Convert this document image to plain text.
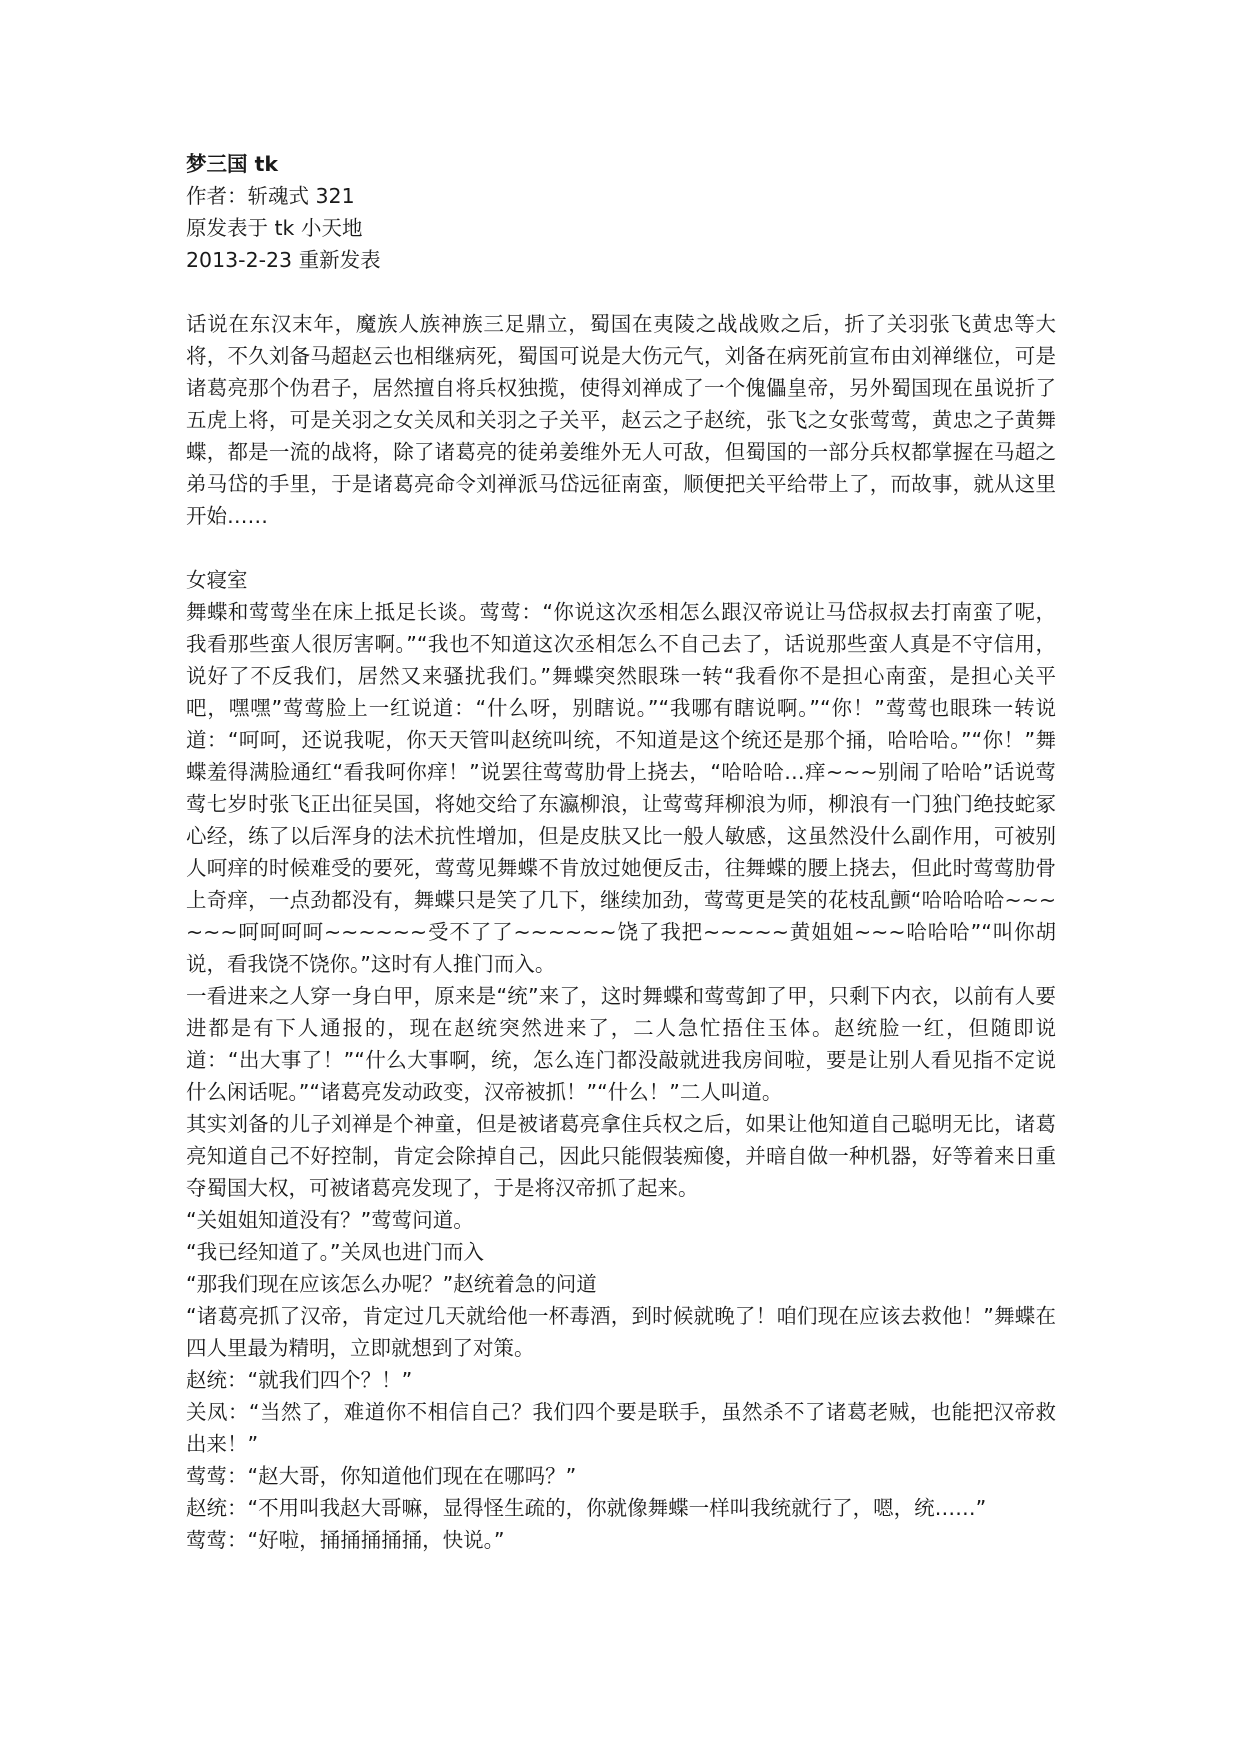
梦三国 tk

作者：斩魂式 321

原发表于 tk 小天地

2013-2-23 重新发表

话说在东汉末年，魔族人族神族三足鼎立，蜀国在夷陵之战战败之后，折了关羽张飞黄忠等大将，不久刘备马超赵云也相继病死，蜀国可说是大伤元气，刘备在病死前宣布由刘禅继位，可是诸葛亮那个伪君子，居然擅自将兵权独揽，使得刘禅成了一个傀儡皇帝，另外蜀国现在虽说折了五虎上将，可是关羽之女关凤和关羽之子关平，赵云之子赵统，张飞之女张莺莺，黄忠之子黄舞蝶，都是一流的战将，除了诸葛亮的徒弟姜维外无人可敌，但蜀国的一部分兵权都掌握在马超之弟马岱的手里，于是诸葛亮命令刘禅派马岱远征南蛮，顺便把关平给带上了，而故事，就从这里开始……

女寝室

舞蝶和莺莺坐在床上抵足长谈。莺莺：“你说这次丞相怎么跟汉帝说让马岱叔叔去打南蛮了呢，我看那些蛮人很厉害啊。”“我也不知道这次丞相怎么不自己去了，话说那些蛮人真是不守信用，说好了不反我们，居然又来骚扰我们。”舞蝶突然眼珠一转“我看你不是担心南蛮，是担心关平吧，嘿嘿”莺莺脸上一红说道：“什么呀，别瞎说。”“我哪有瞎说啊。”“你！”莺莺也眼珠一转说道：“呵呵，还说我呢，你天天管叫赵统叫统，不知道是这个统还是那个捅，哈哈哈。”“你！”舞蝶羞得满脸通红“看我呵你痒！”说罢往莺莺肋骨上挠去，“哈哈哈…痒~~~别闹了哈哈”话说莺莺七岁时张飞正出征吴国，将她交给了东瀛柳浪，让莺莺拜柳浪为师，柳浪有一门独门绝技蛇冢心经，练了以后浑身的法术抗性增加，但是皮肤又比一般人敏感，这虽然没什么副作用，可被别人呵痒的时候难受的要死，莺莺见舞蝶不肯放过她便反击，往舞蝶的腰上挠去，但此时莺莺肋骨上奇痒，一点劲都没有，舞蝶只是笑了几下，继续加劲，莺莺更是笑的花枝乱颤“哈哈哈哈~~~~~~呵呵呵呵~~~~~~受不了了~~~~~~饶了我把~~~~~黄姐姐~~~哈哈哈”“叫你胡说，看我饶不饶你。”这时有人推门而入。

一看进来之人穿一身白甲，原来是“统”来了，这时舞蝶和莺莺卸了甲，只剩下内衣，以前有人要进都是有下人通报的，现在赵统突然进来了，二人急忙捂住玉体。赵统脸一红，但随即说道：“出大事了！”“什么大事啊，统，怎么连门都没敲就进我房间啦，要是让别人看见指不定说什么闲话呢。”“诸葛亮发动政变，汉帝被抓！”“什么！”二人叫道。

其实刘备的儿子刘禅是个神童，但是被诸葛亮拿住兵权之后，如果让他知道自己聪明无比，诸葛亮知道自己不好控制，肯定会除掉自己，因此只能假装痴傻，并暗自做一种机器，好等着来日重夺蜀国大权，可被诸葛亮发现了，于是将汉帝抓了起来。

“关姐姐知道没有？”莺莺问道。

“我已经知道了。”关凤也进门而入

“那我们现在应该怎么办呢？”赵统着急的问道

“诸葛亮抓了汉帝，肯定过几天就给他一杯毒酒，到时候就晚了！咱们现在应该去救他！”舞蝶在四人里最为精明，立即就想到了对策。

赵统：“就我们四个？！”

关凤：“当然了，难道你不相信自己？我们四个要是联手，虽然杀不了诸葛老贼，也能把汉帝救出来！”

莺莺：“赵大哥，你知道他们现在在哪吗？”

赵统：“不用叫我赵大哥嘛，显得怪生疏的，你就像舞蝶一样叫我统就行了，嗯，统……”

莺莺：“好啦，捅捅捅捅捅，快说。”
